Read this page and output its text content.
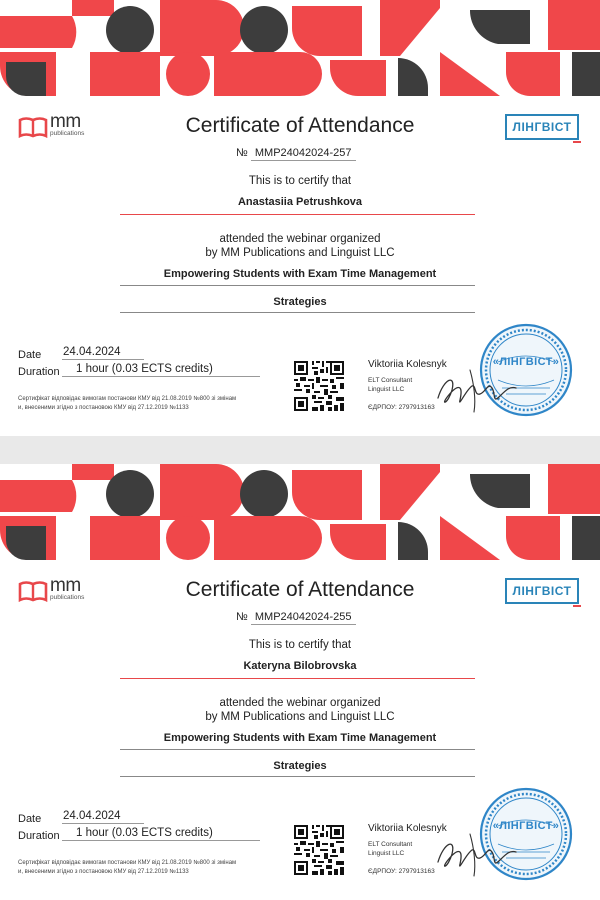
mm
publications	ЛІНГВІСТ
Certificate of Attendance
№ MMP24042024-257
This is to certify that
Anastasiia Petrushkova
attended the webinar organized
by MM Publications and Linguist LLC
Empowering Students with Exam Time Management
Strategies
Date 24.04.2024
Duration	1 hour (0.03 ECTS credits)
Сертифікат відповідає вимогам постанови КМУ від 21.08.2019 №800 зі змінам
и, внесеними згідно з постановою КМУ від 27.12.2019 №1133
Viktoriia Kolesnyk
ELT Consultant
Linguist LLC
ЄДРПОУ: 2797913163
«ЛІНГВІСТ»
mm
publications	ЛІНГВІСТ
Certificate of Attendance
№ MMP24042024-255
This is to certify that
Kateryna Bilobrovska
attended the webinar organized
by MM Publications and Linguist LLC
Empowering Students with Exam Time Management
Strategies
Date 24.04.2024
Duration	1 hour (0.03 ECTS credits)
Сертифікат відповідає вимогам постанови КМУ від 21.08.2019 №800 зі змінам
и, внесеними згідно з постановою КМУ від 27.12.2019 №1133
Viktoriia Kolesnyk
ELT Consultant
Linguist LLC
ЄДРПОУ: 2797913163
«ЛІНГВІСТ»
